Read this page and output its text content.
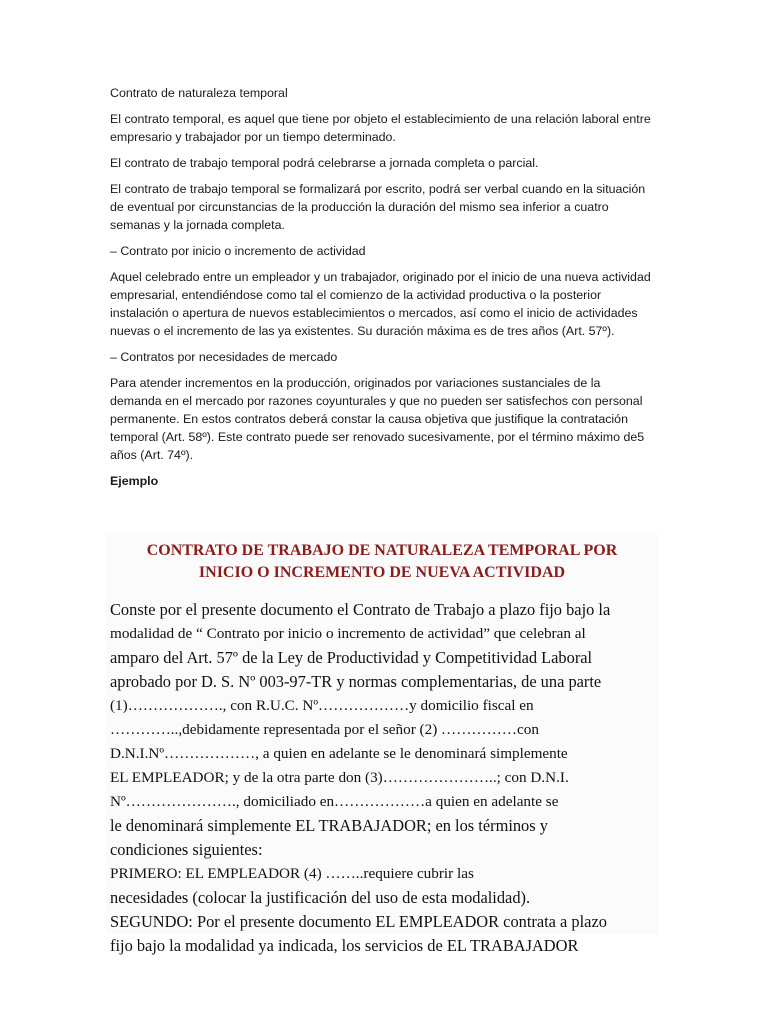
Contrato de naturaleza temporal

El contrato temporal, es aquel que tiene por objeto el establecimiento de una relación laboral entre empresario y trabajador por un tiempo determinado.

El contrato de trabajo temporal podrá celebrarse a jornada completa o parcial.

El contrato de trabajo temporal se formalizará por escrito, podrá ser verbal cuando en la situación de eventual por circunstancias de la producción la duración del mismo sea inferior a cuatro semanas y la jornada completa.

– Contrato por inicio o incremento de actividad

Aquel celebrado entre un empleador y un trabajador, originado por el inicio de una nueva actividad empresarial, entendiéndose como tal el comienzo de la actividad productiva o la posterior instalación o apertura de nuevos establecimientos o mercados, así como el inicio de actividades nuevas o el incremento de las ya existentes. Su duración máxima es de tres años (Art. 57º).

– Contratos por necesidades de mercado

Para atender incrementos en la producción, originados por variaciones sustanciales de la demanda en el mercado por razones coyunturales y que no pueden ser satisfechos con personal permanente. En estos contratos deberá constar la causa objetiva que justifique la contratación temporal (Art. 58º). Este contrato puede ser renovado sucesivamente, por el término máximo de5 años (Art. 74º).

Ejemplo

CONTRATO DE TRABAJO DE NATURALEZA TEMPORAL POR
INICIO O INCREMENTO DE NUEVA ACTIVIDAD

Conste por el presente documento el Contrato de Trabajo a plazo fijo bajo la

modalidad de “ Contrato por inicio o incremento de actividad” que celebran al

amparo del Art. 57º de la Ley de Productividad y Competitividad Laboral

aprobado por D. S. Nº 003-97-TR y normas complementarias, de una parte

(1)………………., con R.U.C. Nº………………y domicilio fiscal en

…………..,debidamente representada por el señor (2) ……………con

D.N.I.Nº………………, a quien en adelante se le denominará simplemente

EL EMPLEADOR; y de la otra parte don (3)…………………..; con D.N.I.

Nº…………………., domiciliado en………………a quien en adelante se

le denominará simplemente EL TRABAJADOR; en los términos y

condiciones siguientes:

PRIMERO: EL EMPLEADOR (4) ……..requiere cubrir las

necesidades (colocar la justificación del uso de esta modalidad).

SEGUNDO: Por el presente documento EL EMPLEADOR contrata a plazo

fijo bajo la modalidad ya indicada, los servicios de EL TRABAJADOR
